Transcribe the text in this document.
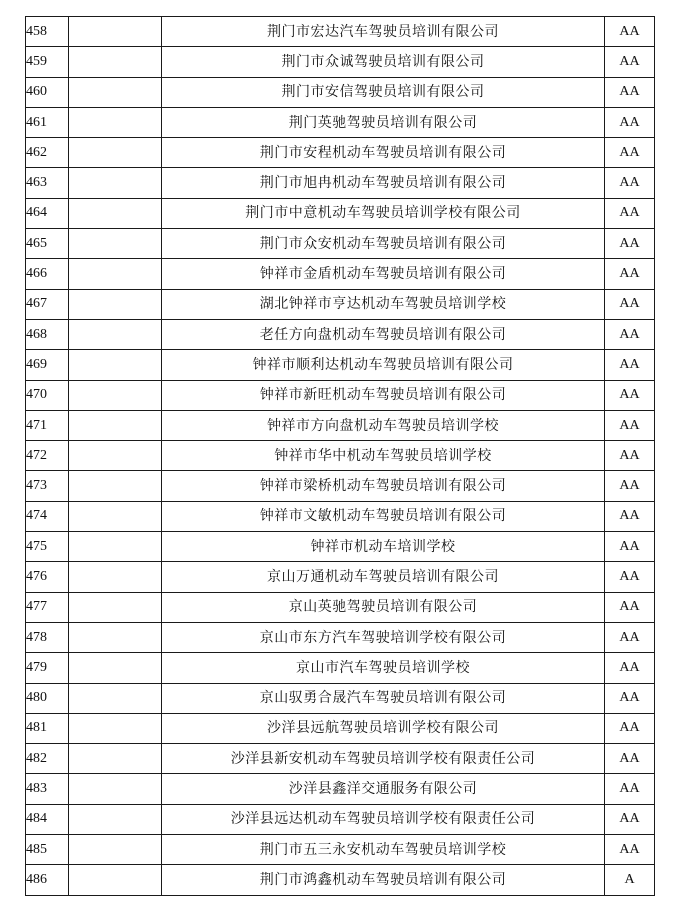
458		荆门市宏达汽车驾驶员培训有限公司	AA
459		荆门市众诚驾驶员培训有限公司	AA
460		荆门市安信驾驶员培训有限公司	AA
461		荆门英驰驾驶员培训有限公司	AA
462		荆门市安程机动车驾驶员培训有限公司	AA
463		荆门市旭冉机动车驾驶员培训有限公司	AA
464		荆门市中意机动车驾驶员培训学校有限公司	AA
465		荆门市众安机动车驾驶员培训有限公司	AA
466		钟祥市金盾机动车驾驶员培训有限公司	AA
467		湖北钟祥市亨达机动车驾驶员培训学校	AA
468		老任方向盘机动车驾驶员培训有限公司	AA
469		钟祥市顺利达机动车驾驶员培训有限公司	AA
470		钟祥市新旺机动车驾驶员培训有限公司	AA
471		钟祥市方向盘机动车驾驶员培训学校	AA
472		钟祥市华中机动车驾驶员培训学校	AA
473		钟祥市梁桥机动车驾驶员培训有限公司	AA
474		钟祥市文敏机动车驾驶员培训有限公司	AA
475		钟祥市机动车培训学校	AA
476		京山万通机动车驾驶员培训有限公司	AA
477		京山英驰驾驶员培训有限公司	AA
478		京山市东方汽车驾驶培训学校有限公司	AA
479		京山市汽车驾驶员培训学校	AA
480		京山驭勇合晟汽车驾驶员培训有限公司	AA
481		沙洋县远航驾驶员培训学校有限公司	AA
482		沙洋县新安机动车驾驶员培训学校有限责任公司	AA
483		沙洋县鑫洋交通服务有限公司	AA
484		沙洋县远达机动车驾驶员培训学校有限责任公司	AA
485		荆门市五三永安机动车驾驶员培训学校	AA
486		荆门市鸿鑫机动车驾驶员培训有限公司	A
